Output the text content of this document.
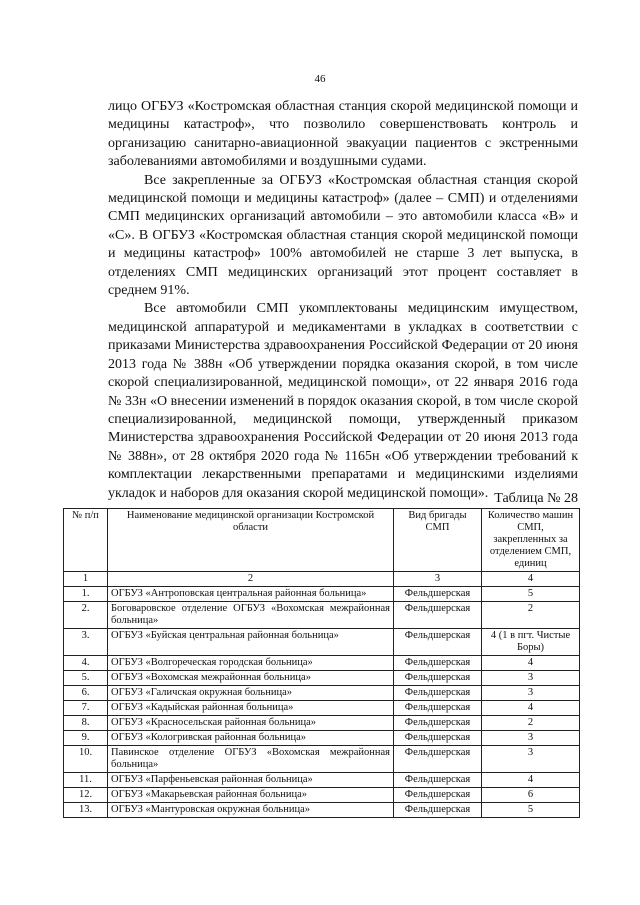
46

лицо ОГБУЗ «Костромская областная станция скорой медицинской помощи и медицины катастроф», что позволило совершенствовать контроль и организацию санитарно-авиационной эвакуации пациентов с экстренными заболеваниями автомобилями и воздушными судами.

Все закрепленные за ОГБУЗ «Костромская областная станция скорой медицинской помощи и медицины катастроф» (далее – СМП) и отделениями СМП медицинских организаций автомобили – это автомобили класса «В» и «С». В ОГБУЗ «Костромская областная станция скорой медицинской помощи и медицины катастроф» 100% автомобилей не старше 3 лет выпуска, в отделениях СМП медицинских организаций этот процент составляет в среднем 91%.

Все автомобили СМП укомплектованы медицинским имуществом, медицинской аппаратурой и медикаментами в укладках в соответствии с приказами Министерства здравоохранения Российской Федерации от 20 июня 2013 года № 388н «Об утверждении порядка оказания скорой, в том числе скорой специализированной, медицинской помощи», от 22 января 2016 года № 33н «О внесении изменений в порядок оказания скорой, в том числе скорой специализированной, медицинской помощи, утвержденный приказом Министерства здравоохранения Российской Федерации от 20 июня 2013 года № 388н», от 28 октября 2020 года № 1165н «Об утверждении требований к комплектации лекарственными препаратами и медицинскими изделиями укладок и наборов для оказания скорой медицинской помощи». Таблица № 28
№ п/п	Наименование медицинской организации Костромской области	Вид бригады СМП	Количество машин СМП, закрепленных за отделением СМП, единиц
1	2	3	4
1.	ОГБУЗ «Антроповская центральная районная больница»	Фельдшерская	5
2.	Боговаровское отделение ОГБУЗ «Вохомская межрайонная больница»	Фельдшерская	2
3.	ОГБУЗ «Буйская центральная районная больница»	Фельдшерская	4 (1 в пгт. Чистые Боры)
4.	ОГБУЗ «Волгореческая городская больница»	Фельдшерская	4
5.	ОГБУЗ «Вохомская межрайонная больница»	Фельдшерская	3
6.	ОГБУЗ «Галичская окружная больница»	Фельдшерская	3
7.	ОГБУЗ «Кадыйская районная больница»	Фельдшерская	4
8.	ОГБУЗ «Красносельская районная больница»	Фельдшерская	2
9.	ОГБУЗ «Кологривская районная больница»	Фельдшерская	3
10.	Павинское отделение ОГБУЗ «Вохомская межрайонная больница»	Фельдшерская	3
11.	ОГБУЗ «Парфеньевская районная больница»	Фельдшерская	4
12.	ОГБУЗ «Макарьевская районная больница»	Фельдшерская	6
13.	ОГБУЗ «Мантуровская окружная больница»	Фельдшерская	5
